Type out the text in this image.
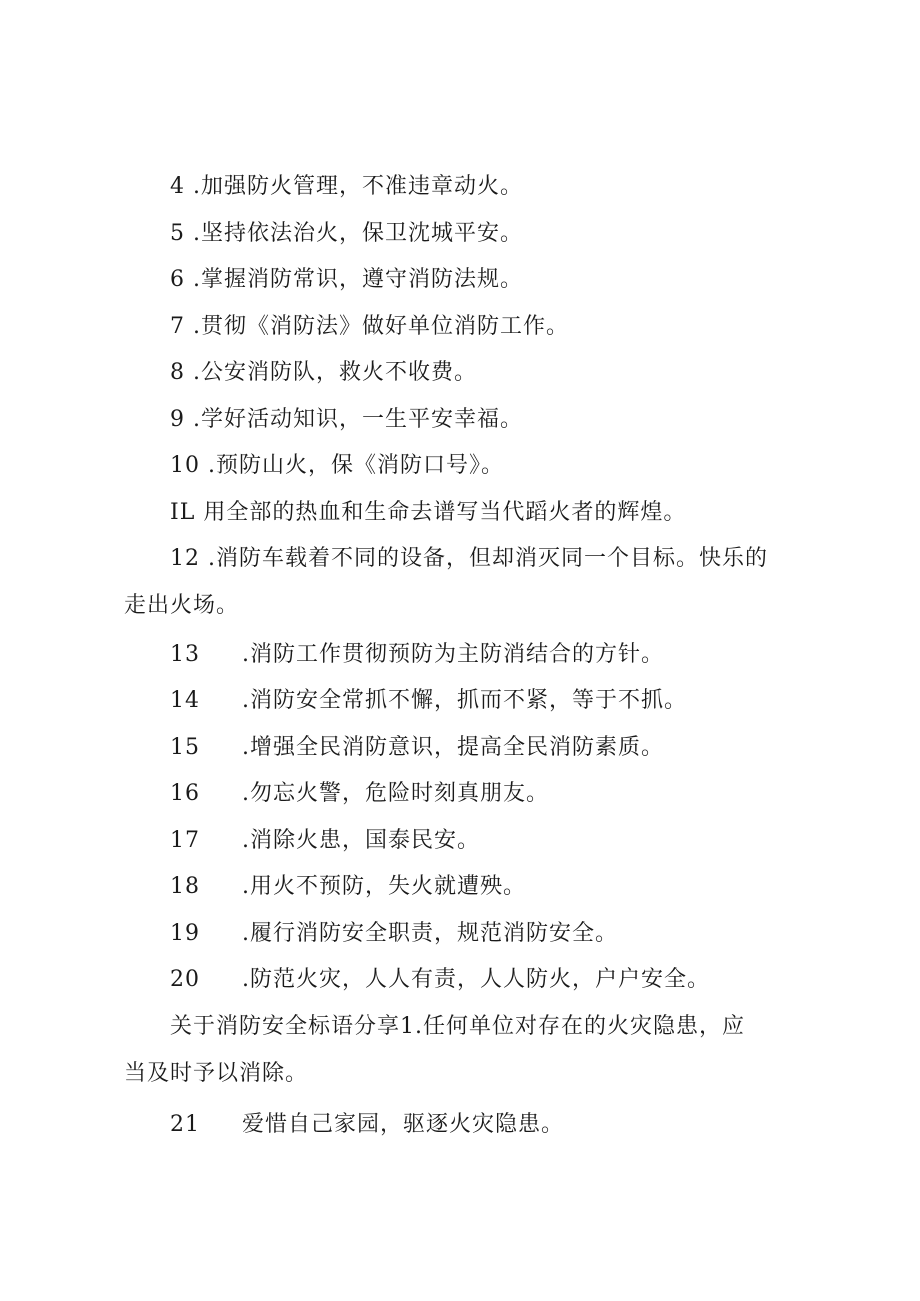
4 .加强防火管理，不准违章动火。
5 .坚持依法治火，保卫沈城平安。
6 .掌握消防常识，遵守消防法规。
7 .贯彻《消防法》做好单位消防工作。
8 .公安消防队，救火不收费。
9 .学好活动知识，一生平安幸福。
10 .预防山火，保《消防口号》。
IL 用全部的热血和生命去谱写当代蹈火者的辉煌。
12 .消防车载着不同的设备，但却消灭同一个目标。快乐的
走出火场。
13 .消防工作贯彻预防为主防消结合的方针。
14 .消防安全常抓不懈，抓而不紧，等于不抓。
15 .增强全民消防意识，提高全民消防素质。
16 .勿忘火警，危险时刻真朋友。
17 .消除火患，国泰民安。
18 .用火不预防，失火就遭殃。
19 .履行消防安全职责，规范消防安全。
20 .防范火灾，人人有责，人人防火，户户安全。
关于消防安全标语分享1.任何单位对存在的火灾隐患，应
当及时予以消除。
21 爱惜自己家园，驱逐火灾隐患。
